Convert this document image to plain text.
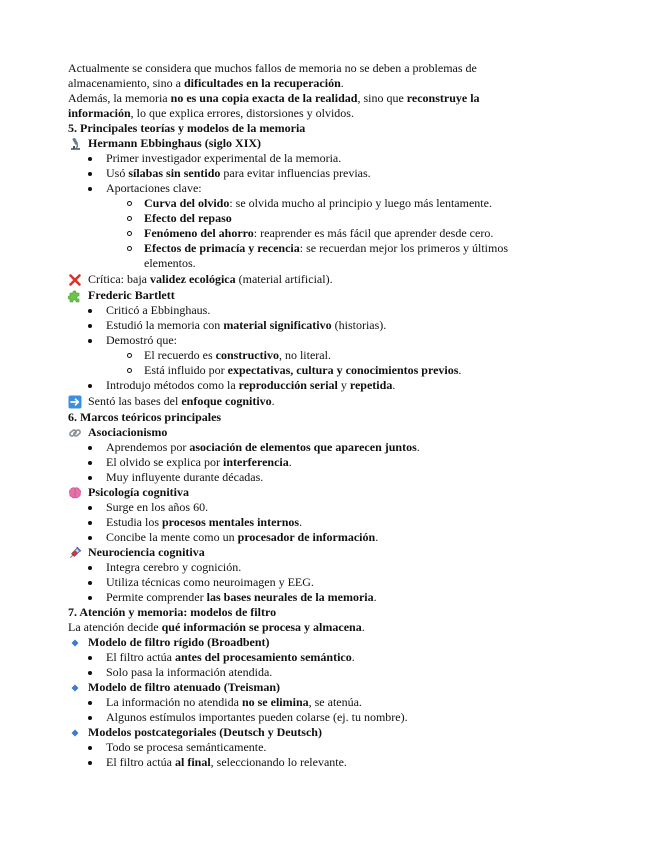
Actualmente se considera que muchos fallos de memoria no se deben a problemas de almacenamiento, sino a dificultades en la recuperación.

Además, la memoria no es una copia exacta de la realidad, sino que reconstruye la información, lo que explica errores, distorsiones y olvidos.

5. Principales teorías y modelos de la memoria

Hermann Ebbinghaus (siglo XIX)

Primer investigador experimental de la memoria.
Usó sílabas sin sentido para evitar influencias previas.
Aportaciones clave:
Curva del olvido: se olvida mucho al principio y luego más lentamente.
Efecto del repaso
Fenómeno del ahorro: reaprender es más fácil que aprender desde cero.
Efectos de primacía y recencia: se recuerdan mejor los primeros y últimos elementos.

Crítica: baja validez ecológica (material artificial).

Frederic Bartlett

Criticó a Ebbinghaus.
Estudió la memoria con material significativo (historias).
Demostró que:
El recuerdo es constructivo, no literal.
Está influido por expectativas, cultura y conocimientos previos.
Introdujo métodos como la reproducción serial y repetida.

Sentó las bases del enfoque cognitivo.

6. Marcos teóricos principales

Asociacionismo

Aprendemos por asociación de elementos que aparecen juntos.
El olvido se explica por interferencia.
Muy influyente durante décadas.

Psicología cognitiva

Surge en los años 60.
Estudia los procesos mentales internos.
Concibe la mente como un procesador de información.

Neurociencia cognitiva

Integra cerebro y cognición.
Utiliza técnicas como neuroimagen y EEG.
Permite comprender las bases neurales de la memoria.

7. Atención y memoria: modelos de filtro

La atención decide qué información se procesa y almacena.

Modelo de filtro rígido (Broadbent)

El filtro actúa antes del procesamiento semántico.
Solo pasa la información atendida.

Modelo de filtro atenuado (Treisman)

La información no atendida no se elimina, se atenúa.
Algunos estímulos importantes pueden colarse (ej. tu nombre).

Modelos postcategoriales (Deutsch y Deutsch)

Todo se procesa semánticamente.
El filtro actúa al final, seleccionando lo relevante.
